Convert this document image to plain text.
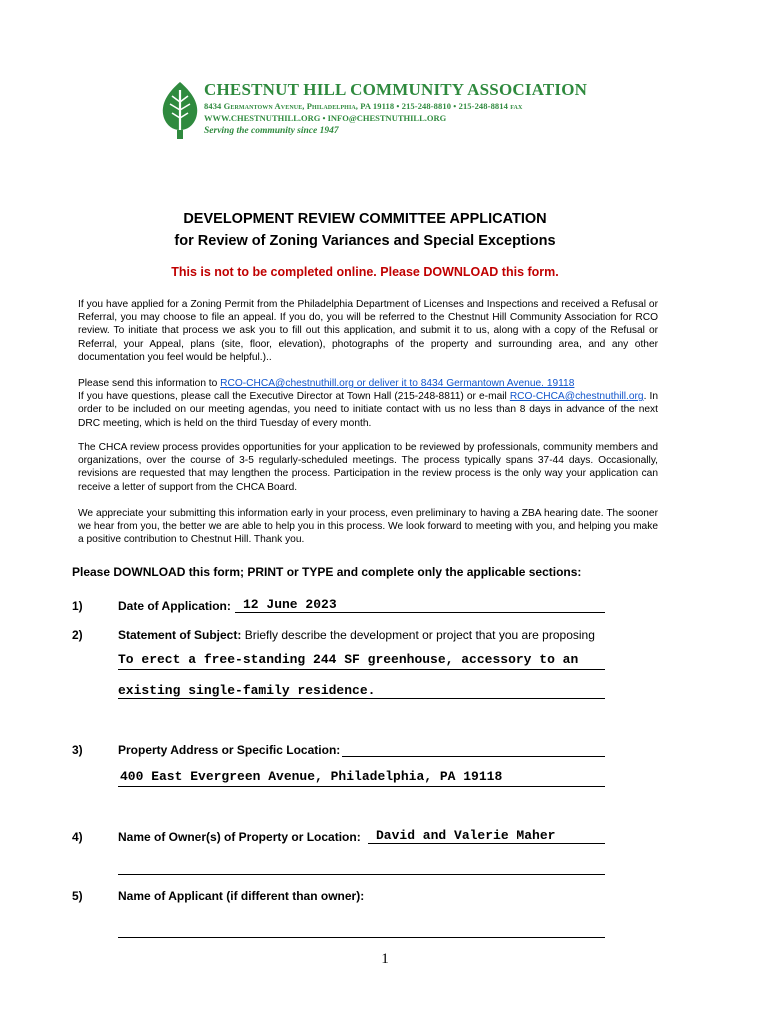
CHESTNUT HILL COMMUNITY ASSOCIATION
8434 Germantown Avenue, Philadelphia, PA 19118 • 215-248-8810 • 215-248-8814 fax
WWW.CHESTNUTHILL.ORG • INFO@CHESTNUTHILL.ORG
Serving the community since 1947
DEVELOPMENT REVIEW COMMITTEE APPLICATION
for Review of Zoning Variances and Special Exceptions
This is not to be completed online. Please DOWNLOAD this form.
If you have applied for a Zoning Permit from the Philadelphia Department of Licenses and Inspections and received a Refusal or Referral, you may choose to file an appeal. If you do, you will be referred to the Chestnut Hill Community Association for RCO review. To initiate that process we ask you to fill out this application, and submit it to us, along with a copy of the Refusal or Referral, your Appeal, plans (site, floor, elevation), photographs of the property and surrounding area, and any other documentation you feel would be helpful.)..
Please send this information to RCO-CHCA@chestnuthill.org or deliver it to 8434 Germantown Avenue. 19118
If you have questions, please call the Executive Director at Town Hall (215-248-8811) or e-mail RCO-CHCA@chestnuthill.org. In order to be included on our meeting agendas, you need to initiate contact with us no less than 8 days in advance of the next DRC meeting, which is held on the third Tuesday of every month.
The CHCA review process provides opportunities for your application to be reviewed by professionals, community members and organizations, over the course of 3-5 regularly-scheduled meetings. The process typically spans 37-44 days. Occasionally, revisions are requested that may lengthen the process. Participation in the review process is the only way your application can receive a letter of support from the CHCA Board.
We appreciate your submitting this information early in your process, even preliminary to having a ZBA hearing date. The sooner we hear from you, the better we are able to help you in this process. We look forward to meeting with you, and helping you make a positive contribution to Chestnut Hill. Thank you.
Please DOWNLOAD this form; PRINT or TYPE and complete only the applicable sections:
1)	Date of Application: 12 June 2023
2)	Statement of Subject: Briefly describe the development or project that you are proposing
To erect a free-standing 244 SF greenhouse, accessory to an
existing single-family residence.
3)	Property Address or Specific Location:
400 East Evergreen Avenue, Philadelphia, PA 19118
4)	Name of Owner(s) of Property or Location: David and Valerie Maher
5)	Name of Applicant (if different than owner):
1
